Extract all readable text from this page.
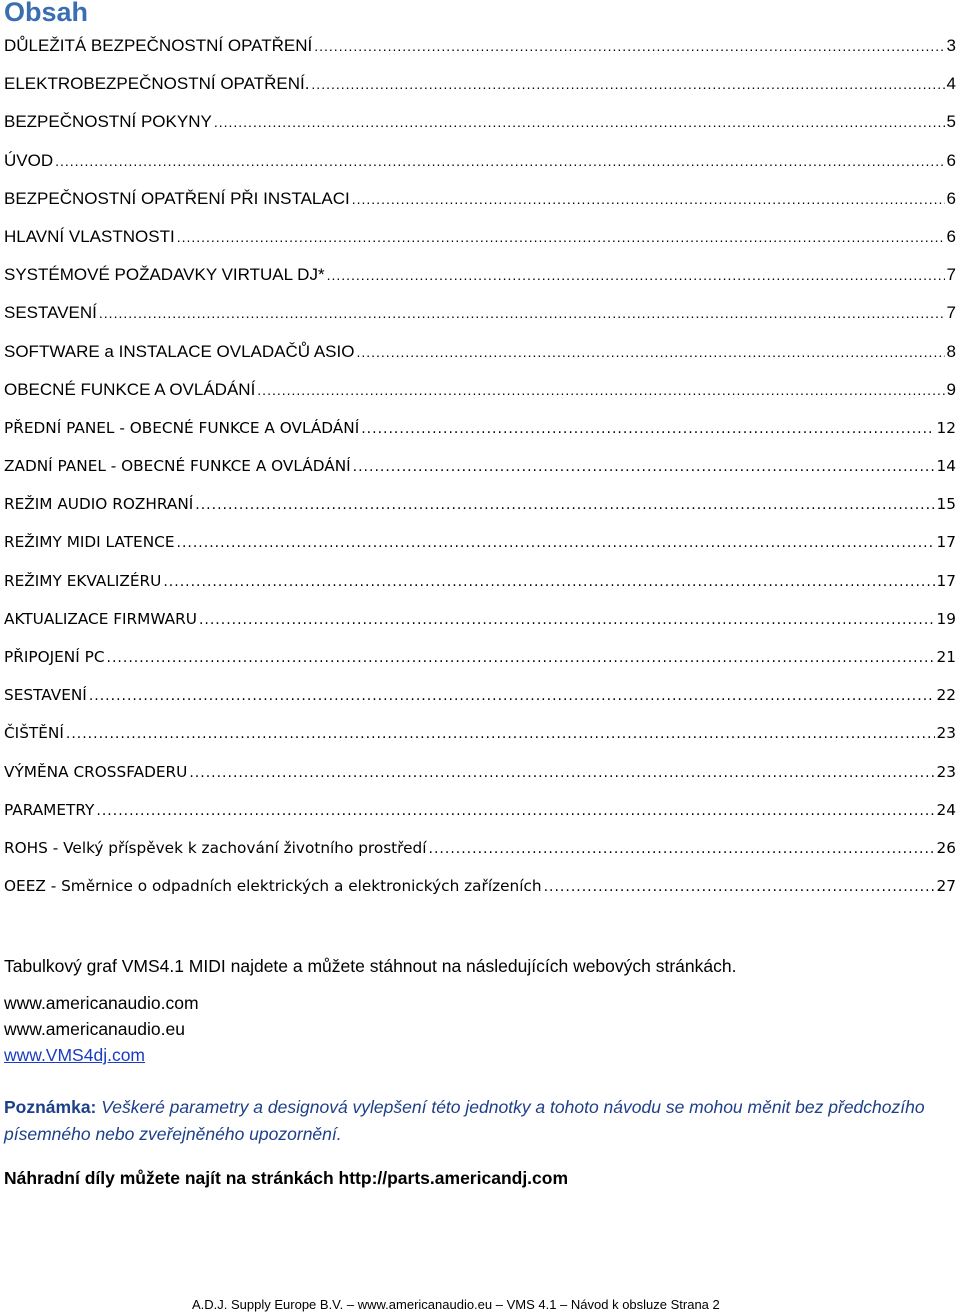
Obsah
DŮLEŽITÁ BEZPEČNOSTNÍ OPATŘENÍ .....	3
ELEKTROBEZPEČNOSTNÍ OPATŘENÍ. .....	4
BEZPEČNOSTNÍ POKYNY .....	5
ÚVOD .....	6
BEZPEČNOSTNÍ OPATŘENÍ PŘI INSTALACI .....	6
HLAVNÍ VLASTNOSTI .....	6
SYSTÉMOVÉ POŽADAVKY VIRTUAL DJ* .....	7
SESTAVENÍ .....	7
SOFTWARE a INSTALACE OVLADAČŮ ASIO .....	8
OBECNÉ FUNKCE A OVLÁDÁNÍ .....	9
PŘEDNÍ PANEL - OBECNÉ FUNKCE A OVLÁDÁNÍ .....	12
ZADNÍ PANEL - OBECNÉ FUNKCE A OVLÁDÁNÍ .....	14
REŽIM AUDIO ROZHRANÍ .....	15
REŽIMY MIDI LATENCE .....	17
REŽIMY EKVALIZÉRU .....	17
AKTUALIZACE FIRMWARU .....	19
PŘIPOJENÍ PC .....	21
SESTAVENÍ .....	22
ČIŠTĚNÍ .....	23
VÝMĚNA CROSSFADERU .....	23
PARAMETRY .....	24
ROHS - Velký příspěvek k zachování životního prostředí .....	26
OEEZ - Směrnice o odpadních elektrických a elektronických zařízeních .....	27
Tabulkový graf VMS4.1 MIDI najdete a můžete stáhnout na následujících webových stránkách.
www.americanaudio.com
www.americanaudio.eu
www.VMS4dj.com
Poznámka: Veškeré parametry a designová vylepšení této jednotky a tohoto návodu se mohou měnit bez předchozího písemného nebo zveřejněného upozornění.
Náhradní díly můžete najít na stránkách http://parts.americandj.com
A.D.J. Supply Europe B.V. – www.americanaudio.eu – VMS 4.1 – Návod k obsluze Strana 2
